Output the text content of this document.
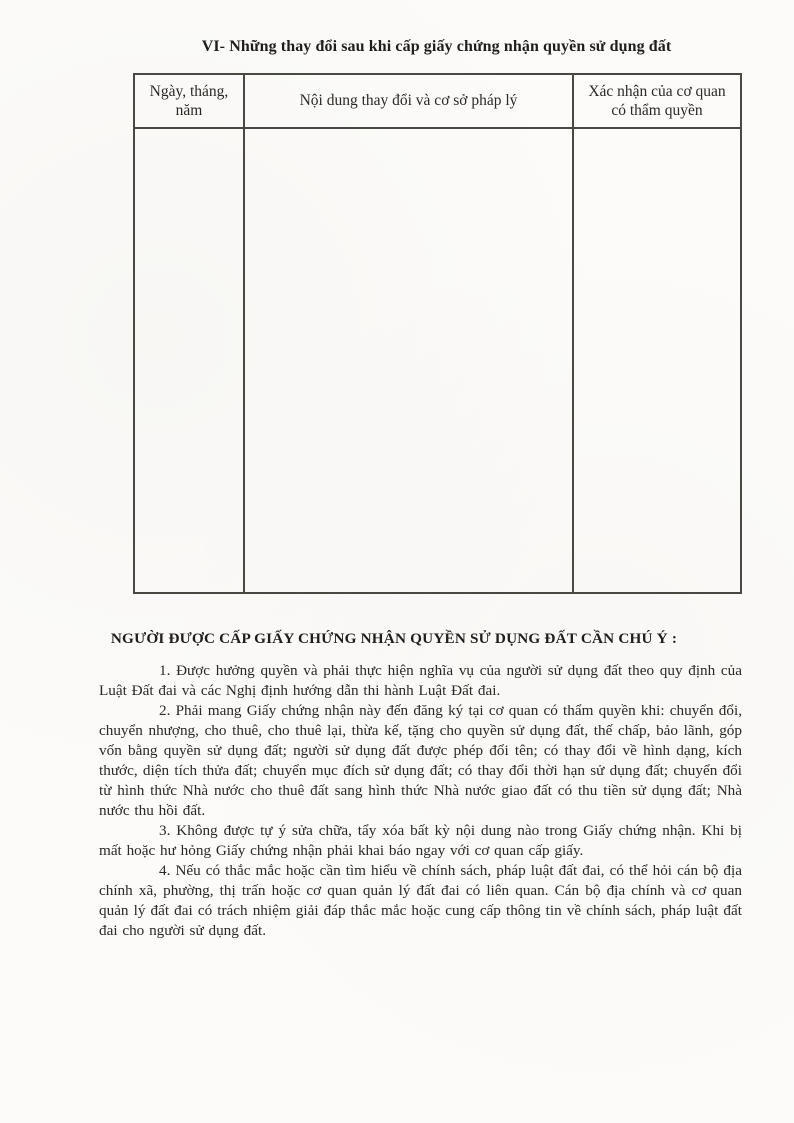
VI- Những thay đổi sau khi cấp giấy chứng nhận quyền sử dụng đất
Ngày, tháng, năm	Nội dung thay đổi và cơ sở pháp lý	Xác nhận của cơ quan có thẩm quyền

NGƯỜI ĐƯỢC CẤP GIẤY CHỨNG NHẬN QUYỀN SỬ DỤNG ĐẤT CẦN CHÚ Ý :

1. Được hưởng quyền và phải thực hiện nghĩa vụ của người sử dụng đất theo quy định của Luật Đất đai và các Nghị định hướng dẫn thi hành Luật Đất đai.

2. Phải mang Giấy chứng nhận này đến đăng ký tại cơ quan có thẩm quyền khi: chuyển đổi, chuyển nhượng, cho thuê, cho thuê lại, thừa kế, tặng cho quyền sử dụng đất, thế chấp, bảo lãnh, góp vốn bằng quyền sử dụng đất; người sử dụng đất được phép đổi tên; có thay đổi về hình dạng, kích thước, diện tích thửa đất; chuyển mục đích sử dụng đất; có thay đổi thời hạn sử dụng đất; chuyển đổi từ hình thức Nhà nước cho thuê đất sang hình thức Nhà nước giao đất có thu tiền sử dụng đất; Nhà nước thu hồi đất.

3. Không được tự ý sửa chữa, tẩy xóa bất kỳ nội dung nào trong Giấy chứng nhận. Khi bị mất hoặc hư hỏng Giấy chứng nhận phải khai báo ngay với cơ quan cấp giấy.

4. Nếu có thắc mắc hoặc cần tìm hiểu về chính sách, pháp luật đất đai, có thể hỏi cán bộ địa chính xã, phường, thị trấn hoặc cơ quan quản lý đất đai có liên quan. Cán bộ địa chính và cơ quan quản lý đất đai có trách nhiệm giải đáp thắc mắc hoặc cung cấp thông tin về chính sách, pháp luật đất đai cho người sử dụng đất.
